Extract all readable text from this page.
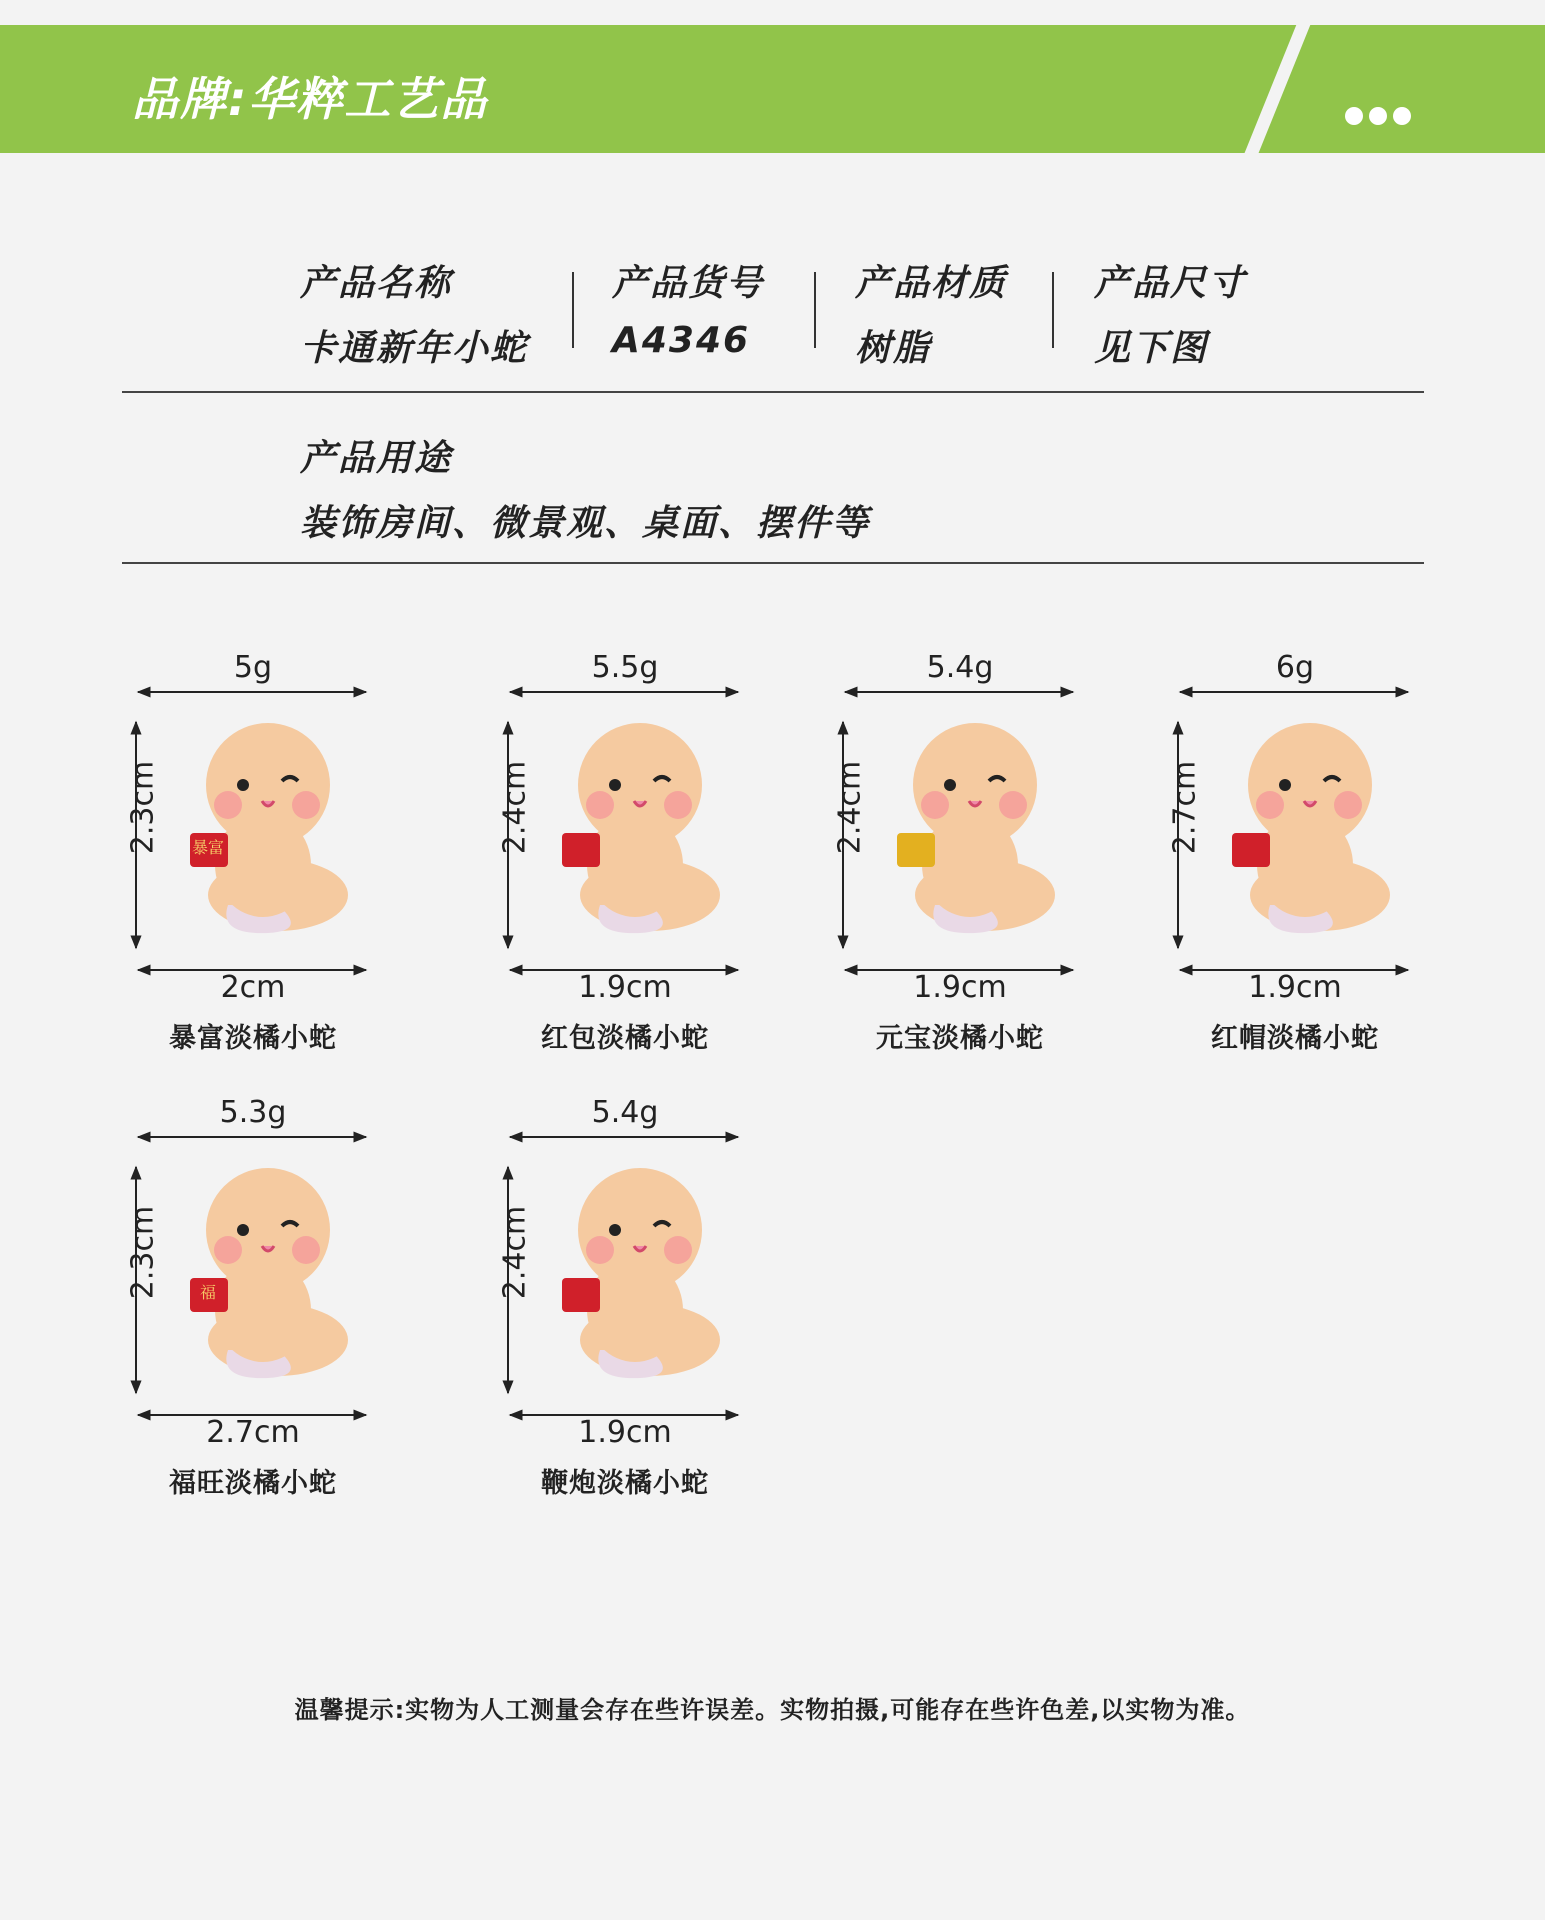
品牌:华粹工艺品
产品名称
卡通新年小蛇
产品货号
A4346
产品材质
树脂
产品尺寸
见下图
产品用途
装饰房间、微景观、桌面、摆件等
暴富
5g
2.3cm
2cm
暴富淡橘小蛇
5.5g
2.4cm
1.9cm
红包淡橘小蛇
5.4g
2.4cm
1.9cm
元宝淡橘小蛇
6g
2.7cm
1.9cm
红帽淡橘小蛇
福
5.3g
2.3cm
2.7cm
福旺淡橘小蛇
5.4g
2.4cm
1.9cm
鞭炮淡橘小蛇
温馨提示:实物为人工测量会存在些许误差。实物拍摄,可能存在些许色差,以实物为准。
